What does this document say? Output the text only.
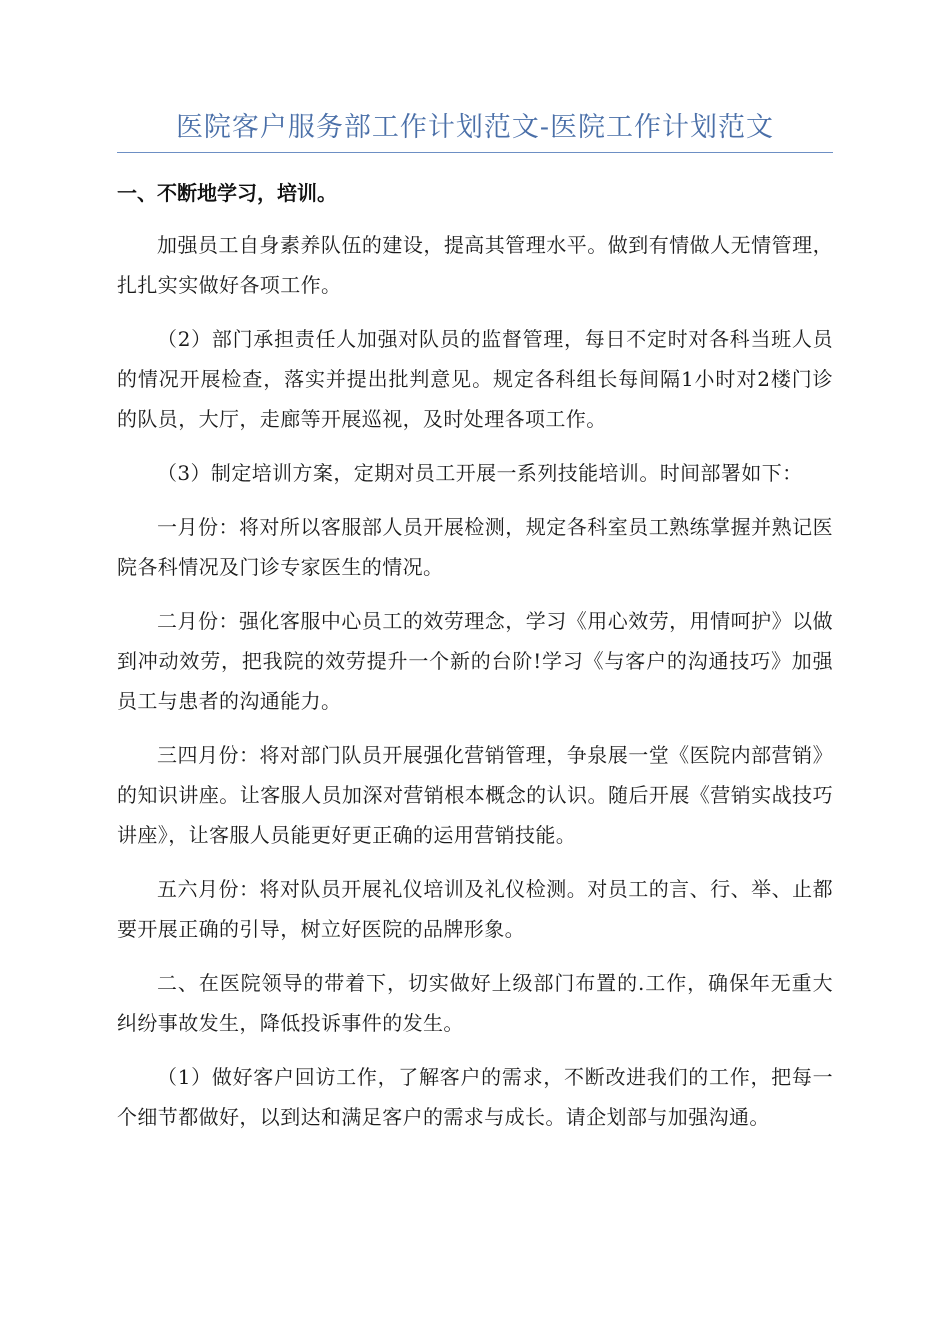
医院客户服务部工作计划范文-医院工作计划范文
一、不断地学习，培训。

加强员工自身素养队伍的建设，提高其管理水平。做到有情做人无情管理，扎扎实实做好各项工作。

（2）部门承担责任人加强对队员的监督管理，每日不定时对各科当班人员的情况开展检查，落实并提出批判意见。规定各科组长每间隔1小时对2楼门诊的队员，大厅，走廊等开展巡视，及时处理各项工作。

（3）制定培训方案，定期对员工开展一系列技能培训。时间部署如下：

一月份：将对所以客服部人员开展检测，规定各科室员工熟练掌握并熟记医院各科情况及门诊专家医生的情况。

二月份：强化客服中心员工的效劳理念，学习《用心效劳，用情呵护》以做到冲动效劳，把我院的效劳提升一个新的台阶!学习《与客户的沟通技巧》加强员工与患者的沟通能力。

三四月份：将对部门队员开展强化营销管理，争泉展一堂《医院内部营销》的知识讲座。让客服人员加深对营销根本概念的认识。随后开展《营销实战技巧讲座》，让客服人员能更好更正确的运用营销技能。

五六月份：将对队员开展礼仪培训及礼仪检测。对员工的言、行、举、止都要开展正确的引导，树立好医院的品牌形象。

二、在医院领导的带着下，切实做好上级部门布置的.工作，确保年无重大纠纷事故发生，降低投诉事件的发生。

（1）做好客户回访工作，了解客户的需求，不断改进我们的工作，把每一个细节都做好，以到达和满足客户的需求与成长。请企划部与加强沟通。
